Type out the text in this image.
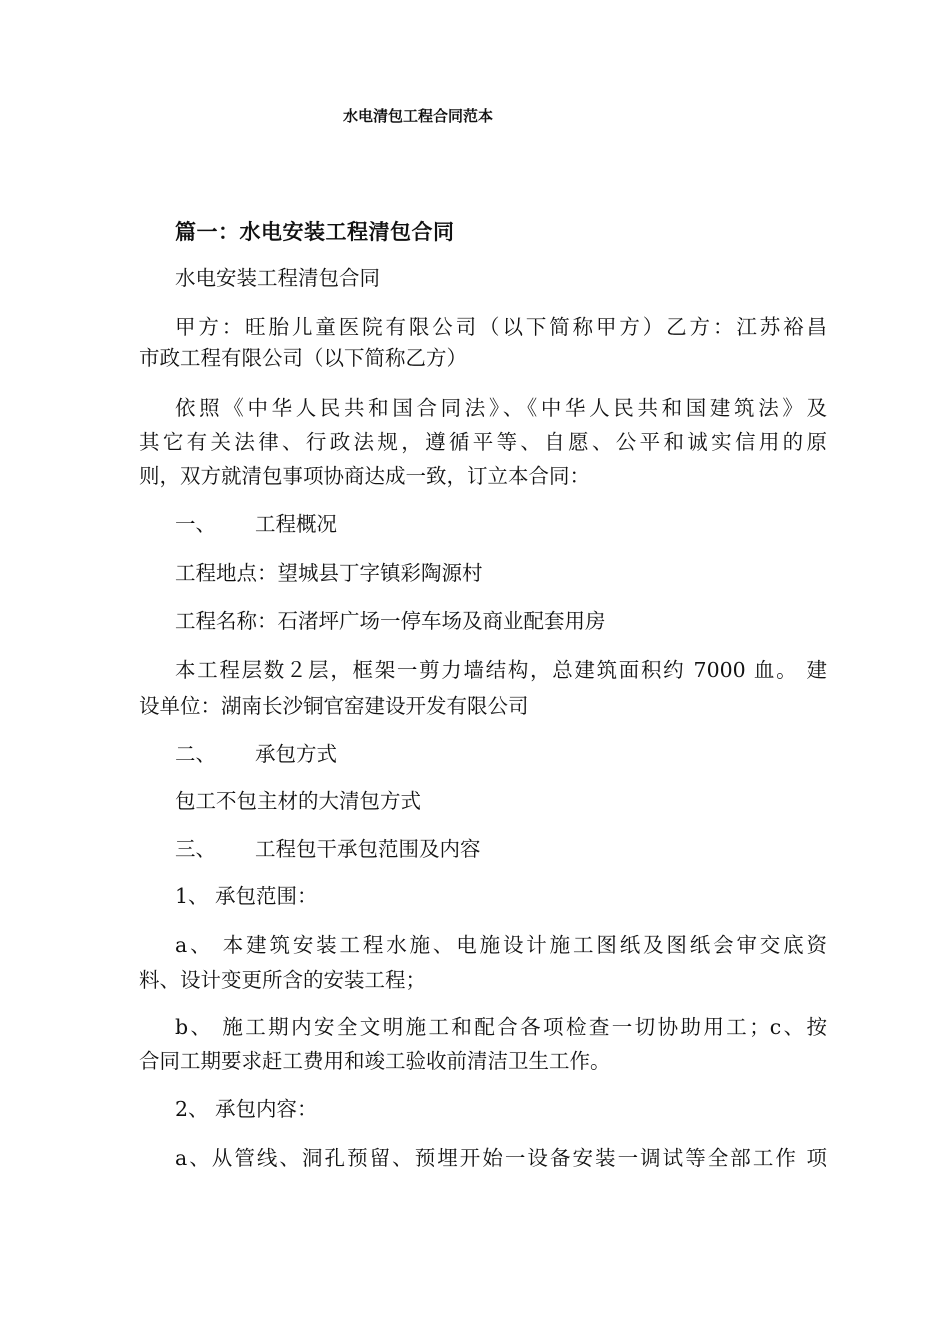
水电清包工程合同范本
篇一：水电安装工程清包合同
水电安装工程清包合同
甲方：旺胎儿童医院有限公司（以下简称甲方）乙方：江苏裕昌
市政工程有限公司（以下简称乙方）
依照《中华人民共和国合同法》、《中华人民共和国建筑法》及
其它有关法律、行政法规，遵循平等、自愿、公平和诚实信用的原
则，双方就清包事项协商达成一致，订立本合同：
一、 工程概况
工程地点：望城县丁字镇彩陶源村
工程名称：石渚坪广场一停车场及商业配套用房
本工程层数２层，框架一剪力墙结构，总建筑面积约 7000 血。 建
设单位：湖南长沙铜官窑建设开发有限公司
二、 承包方式
包工不包主材的大清包方式
三、 工程包干承包范围及内容
1、 承包范围：
a、 本建筑安装工程水施、电施设计施工图纸及图纸会审交底资
料、设计变更所含的安装工程；
b、 施工期内安全文明施工和配合各项检查一切协助用工；c、按
合同工期要求赶工费用和竣工验收前清洁卫生工作。
2、 承包内容：
a、从管线、洞孔预留、预埋开始一设备安装一调试等全部工作 项
